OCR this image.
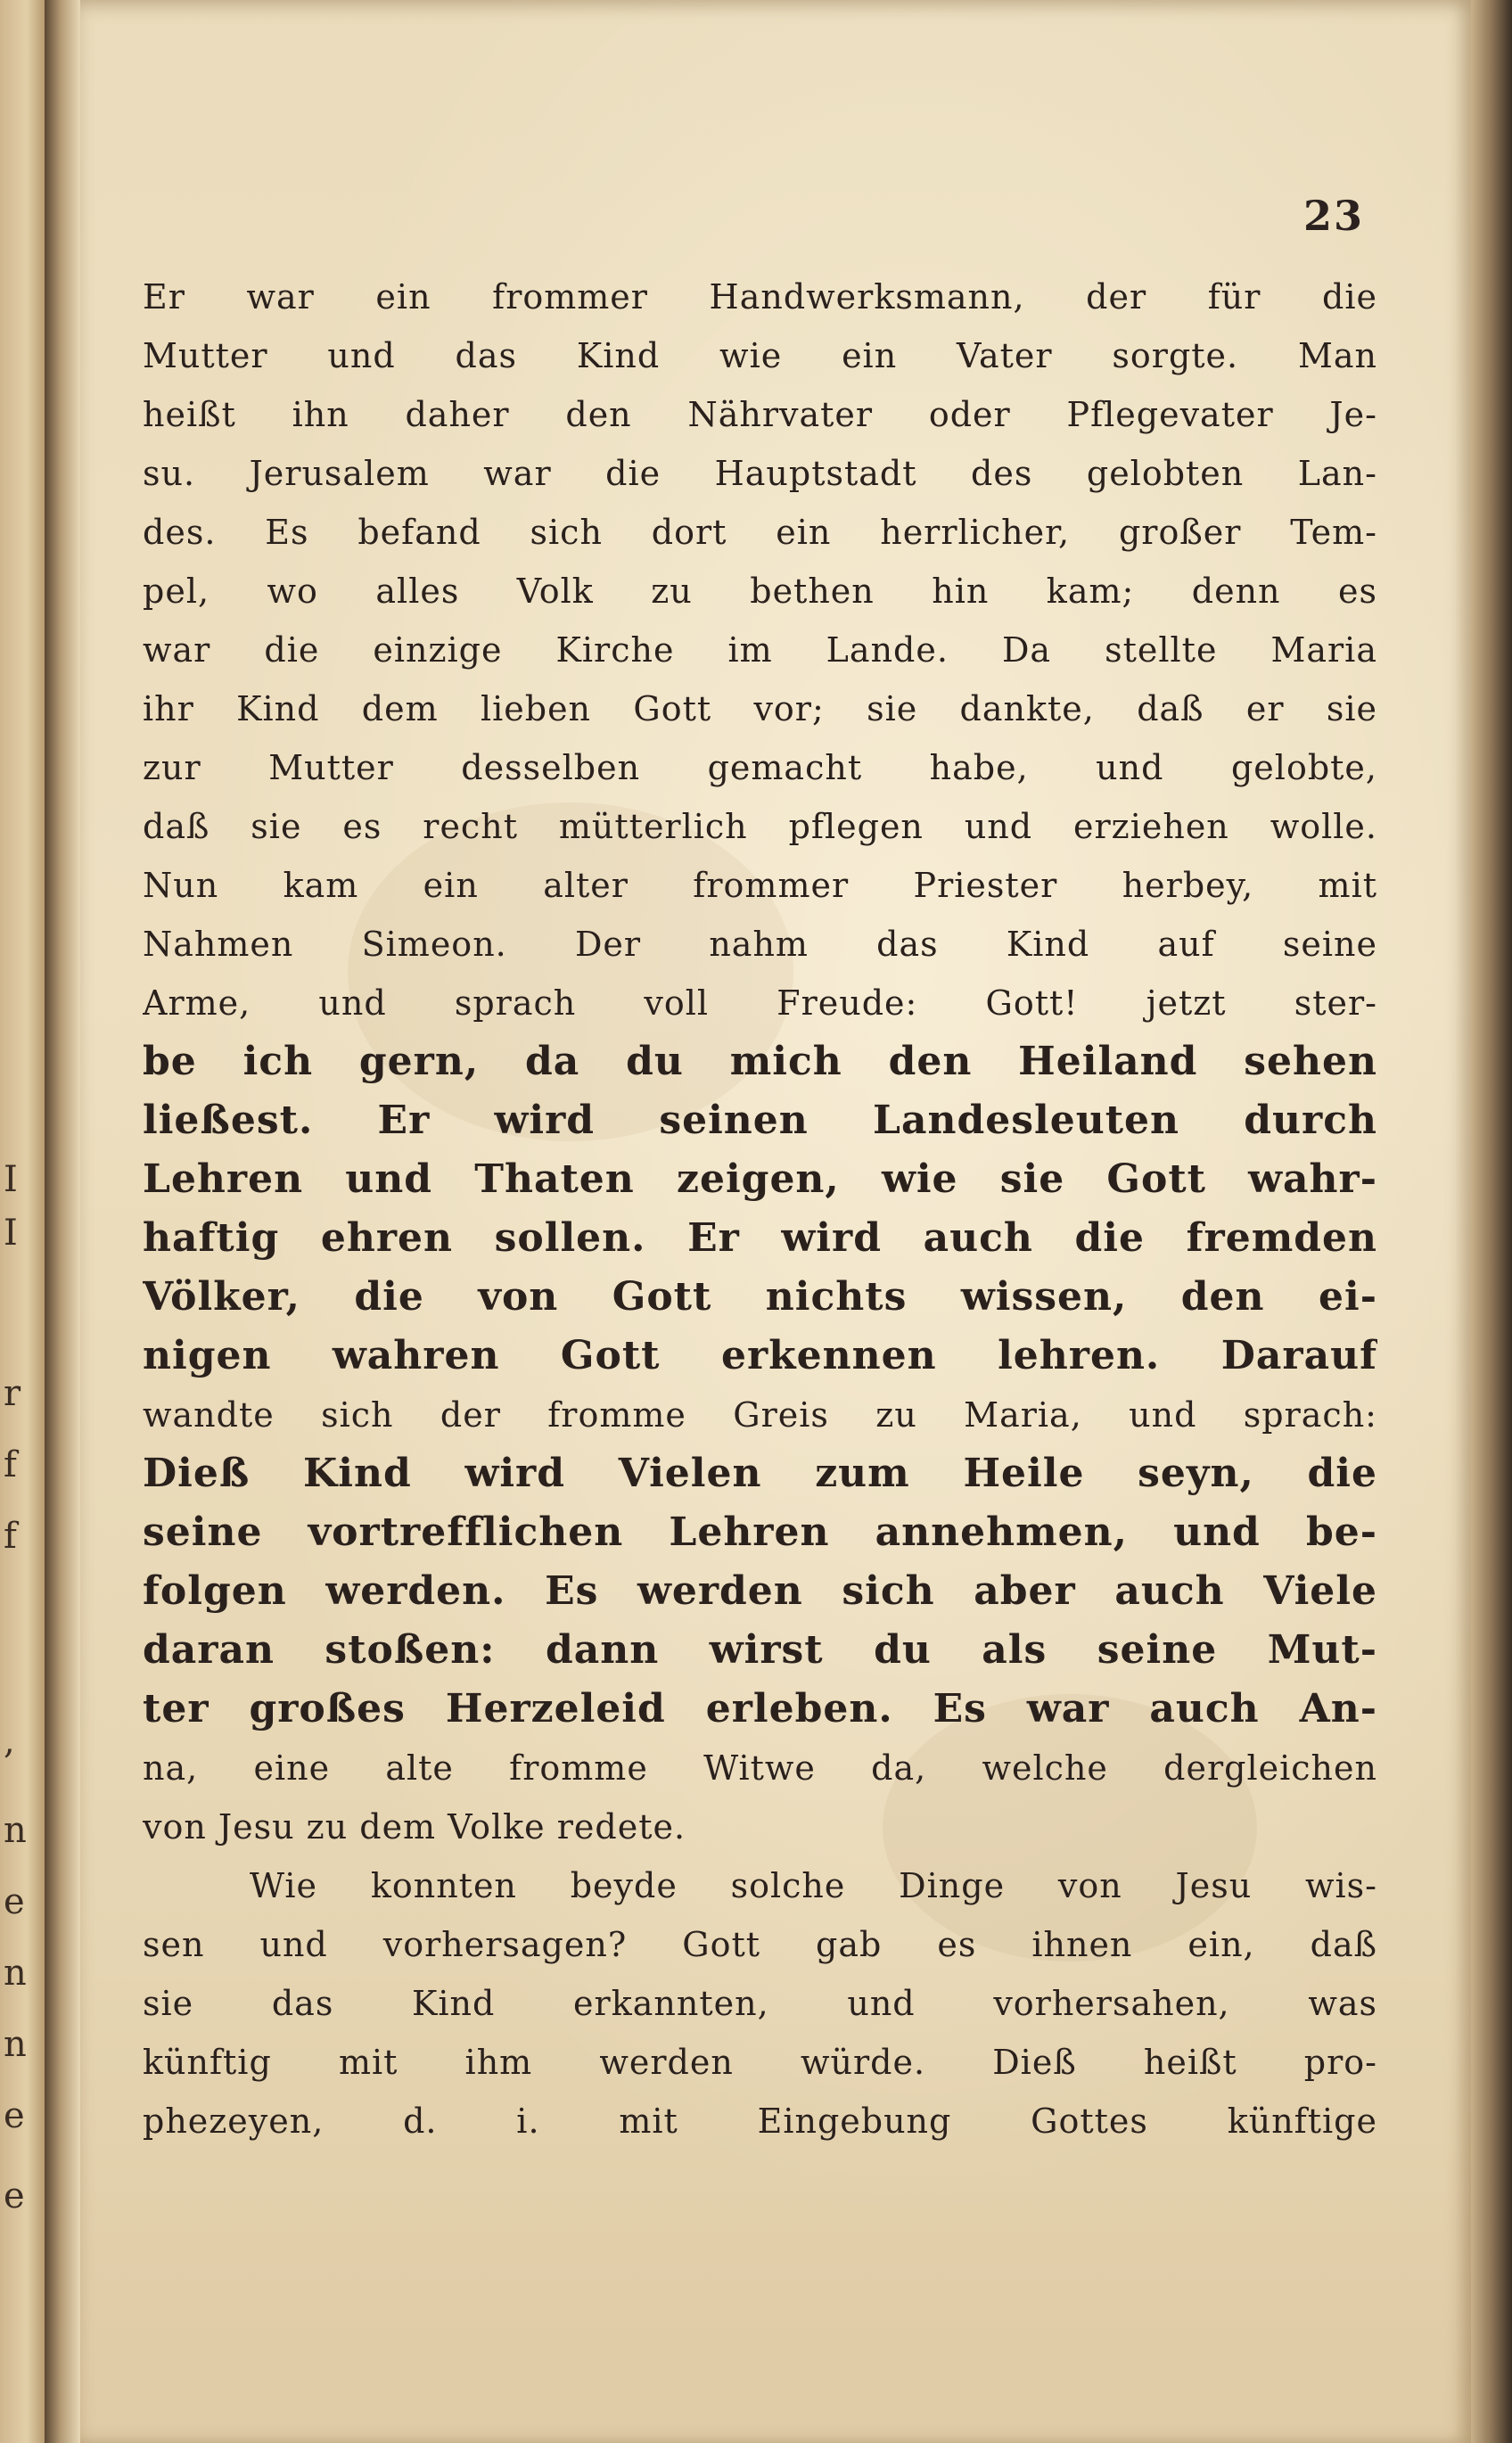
23
Er war ein frommer Handwerksmann, der für die
Mutter und das Kind wie ein Vater sorgte. Man
heißt ihn daher den Nährvater oder Pflegevater Je-
su. Jerusalem war die Hauptstadt des gelobten Lan-
des. Es befand sich dort ein herrlicher, großer Tem-
pel, wo alles Volk zu bethen hin kam; denn es
war die einzige Kirche im Lande. Da stellte Maria
ihr Kind dem lieben Gott vor; sie dankte, daß er sie
zur Mutter desselben gemacht habe, und gelobte,
daß sie es recht mütterlich pflegen und erziehen wolle.
Nun kam ein alter frommer Priester herbey, mit
Nahmen Simeon. Der nahm das Kind auf seine
Arme, und sprach voll Freude: Gott! jetzt ster-
be ich gern, da du mich den Heiland sehen
ließest. Er wird seinen Landesleuten durch
Lehren und Thaten zeigen, wie sie Gott wahr-
haftig ehren sollen. Er wird auch die fremden
Völker, die von Gott nichts wissen, den ei-
nigen wahren Gott erkennen lehren. Darauf
wandte sich der fromme Greis zu Maria, und sprach:
Dieß Kind wird Vielen zum Heile seyn, die
seine vortrefflichen Lehren annehmen, und be-
folgen werden. Es werden sich aber auch Viele
daran stoßen: dann wirst du als seine Mut-
ter großes Herzeleid erleben. Es war auch An-
na, eine alte fromme Witwe da, welche dergleichen
von Jesu zu dem Volke redete.
Wie konnten beyde solche Dinge von Jesu wis-
sen und vorhersagen? Gott gab es ihnen ein, daß
sie das Kind erkannten, und vorhersahen, was
künftig mit ihm werden würde. Dieß heißt pro-
phezeyen, d. i. mit Eingebung Gottes künftige
I
I
r
f
f
,
n
e
n
n
e
e
